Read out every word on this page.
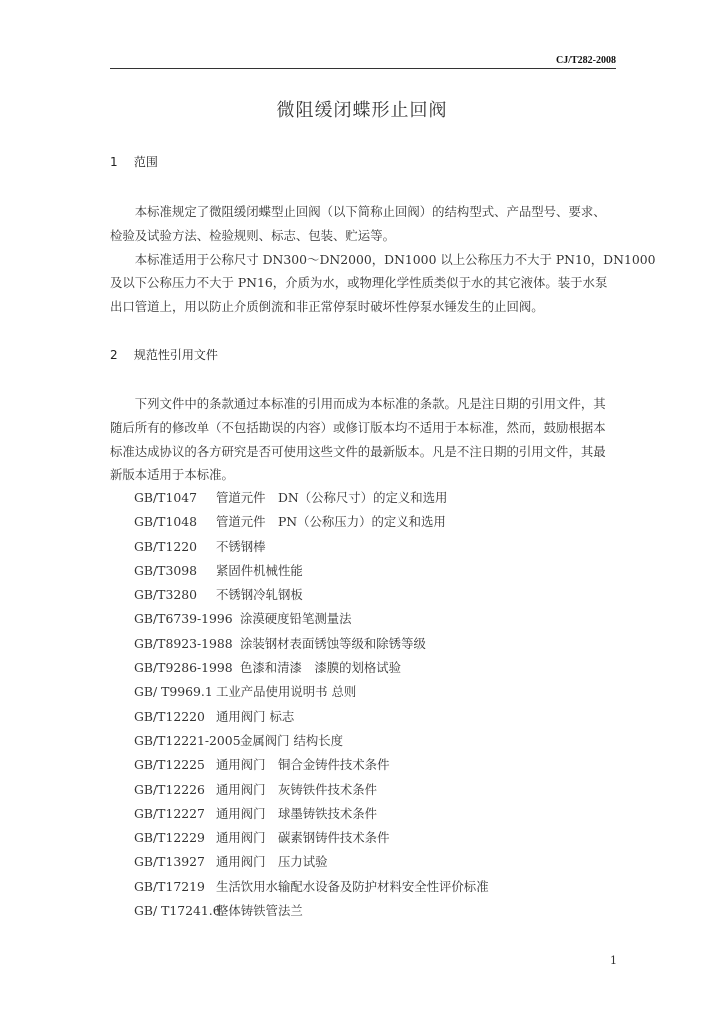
CJ/T282-2008
微阻缓闭蝶形止回阀
1 范围
　　本标准规定了微阻缓闭蝶型止回阀（以下简称止回阀）的结构型式、产品型号、要求、
检验及试验方法、检验规则、标志、包装、贮运等。
　　本标准适用于公称尺寸 DN300～DN2000，DN1000 以上公称压力不大于 PN10，DN1000
及以下公称压力不大于 PN16，介质为水，或物理化学性质类似于水的其它液体。装于水泵
出口管道上，用以防止介质倒流和非正常停泵时破坏性停泵水锤发生的止回阀。
2 规范性引用文件
　　下列文件中的条款通过本标准的引用而成为本标准的条款。凡是注日期的引用文件，其
随后所有的修改单（不包括勘误的内容）或修订版本均不适用于本标准，然而，鼓励根据本
标准达成协议的各方研究是否可使用这些文件的最新版本。凡是不注日期的引用文件，其最
新版本适用于本标准。
GB/T1047 管道元件　DN（公称尺寸）的定义和选用
GB/T1048 管道元件　PN（公称压力）的定义和选用
GB/T1220 不锈钢棒
GB/T3098 紧固件机械性能
GB/T3280 不锈钢冷轧钢板
GB/T6739-1996 涂漠硬度铅笔测量法
GB/T8923-1988 涂装钢材表面锈蚀等级和除锈等级
GB/T9286-1998 色漆和清漆　漆膜的划格试验
GB/ T9969.1 工业产品使用说明书 总则
GB/T12220 通用阀门 标志
GB/T12221-2005金属阀门 结构长度
GB/T12225 通用阀门　铜合金铸件技术条件
GB/T12226 通用阀门　灰铸铁件技术条件
GB/T12227 通用阀门　球墨铸铁技术条件
GB/T12229 通用阀门　碳素钢铸件技术条件
GB/T13927 通用阀门　压力试验
GB/T17219 生活饮用水输配水设备及防护材料安全性评价标准
GB/ T17241.6整体铸铁管法兰
1
